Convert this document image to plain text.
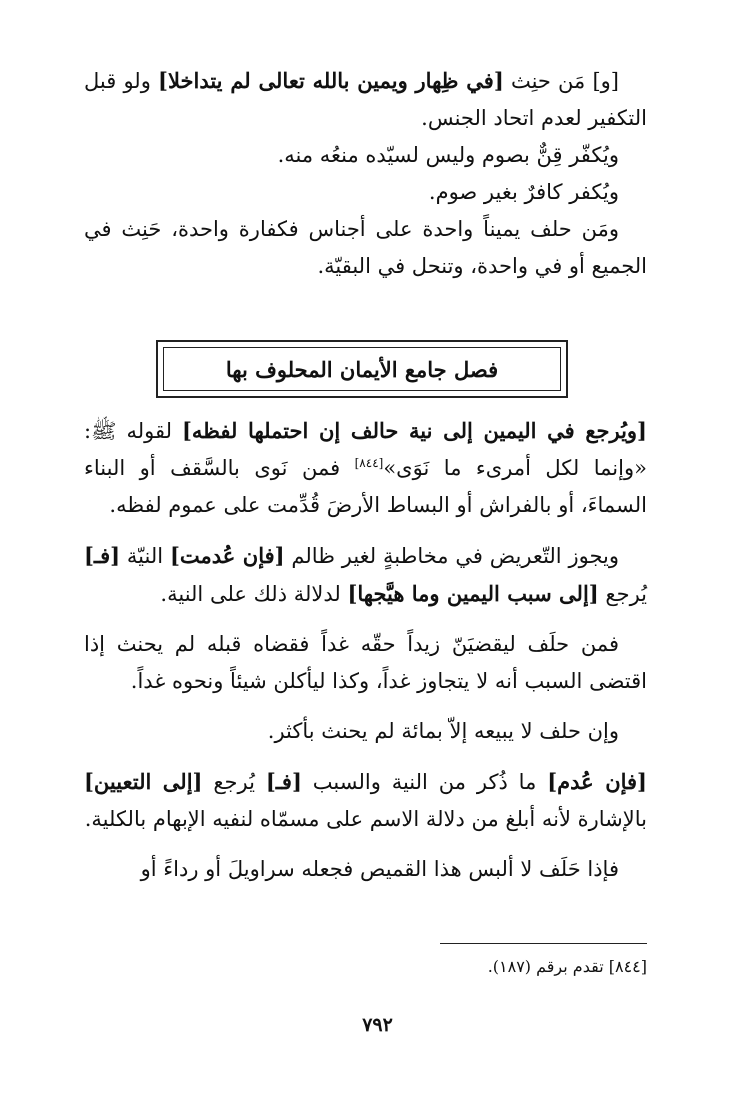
[و] مَن حنِث [في ظِهار ويمين بالله تعالى لم يتداخلا] ولو قبل التكفير لعدم اتحاد الجنس.

ويُكفّر قِنٌّ بصوم وليس لسيّده منعُه منه.

ويُكفر كافرٌ بغير صوم.

ومَن حلف يميناً واحدة على أجناس فكفارة واحدة، حَنِث في الجميع أو في واحدة، وتنحل في البقيّة.

فصل جامع الأيمان المحلوف بها

[ويُرجع في اليمين إلى نية حالف إن احتملها لفظه] لقوله ﷺ: «وإنما لكل أمرىء ما نَوَى»[٨٤٤] فمن نَوى بالسَّقف أو البناء السماءَ، أو بالفراش أو البساط الأرضَ قُدِّمت على عموم لفظه.

ويجوز التّعريض في مخاطبةٍ لغير ظالم [فإن عُدمت] النيّة [فـ] يُرجع [إلى سبب اليمين وما هيَّجها] لدلالة ذلك على النية.

فمن حلَف ليقضيَنّ زيداً حقّه غداً فقضاه قبله لم يحنث إذا اقتضى السبب أنه لا يتجاوز غداً، وكذا ليأكلن شيئاً ونحوه غداً.

وإن حلف لا يبيعه إلاّ بمائة لم يحنث بأكثر.

[فإن عُدم] ما ذُكر من النية والسبب [فـ] يُرجع [إلى التعيين] بالإشارة لأنه أبلغ من دلالة الاسم على مسمّاه لنفيه الإبهام بالكلية.

فإذا حَلَف لا ألبس هذا القميص فجعله سراويلَ أو رداءً أو

[٨٤٤] تقدم برقم (١٨٧).
٧٩٢
